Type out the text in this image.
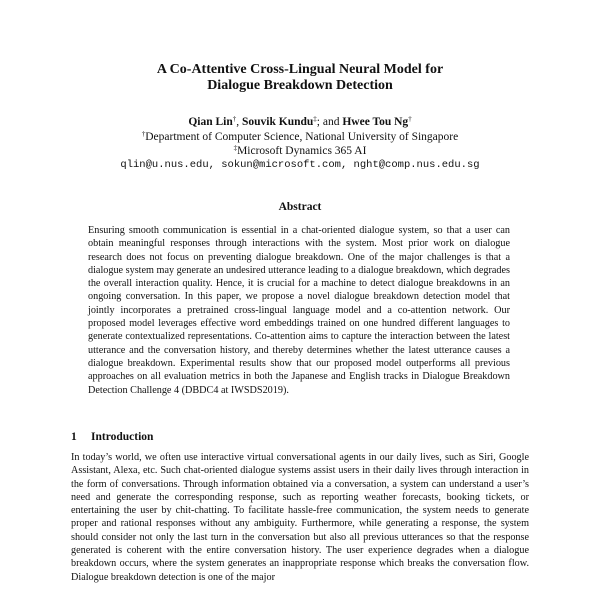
A Co-Attentive Cross-Lingual Neural Model for
Dialogue Breakdown Detection
Qian Lin†, Souvik Kundu‡; and Hwee Tou Ng†
†Department of Computer Science, National University of Singapore
‡Microsoft Dynamics 365 AI
qlin@u.nus.edu, sokun@microsoft.com, nght@comp.nus.edu.sg
Abstract
Ensuring smooth communication is essential in a chat-oriented dialogue system, so that a user can obtain meaningful responses through interactions with the system. Most prior work on dialogue research does not focus on preventing dialogue breakdown. One of the major challenges is that a dialogue system may generate an undesired utterance leading to a dialogue breakdown, which degrades the overall interaction quality. Hence, it is crucial for a machine to detect dialogue breakdowns in an ongoing conversation. In this paper, we propose a novel dialogue breakdown detection model that jointly incorporates a pretrained cross-lingual language model and a co-attention network. Our proposed model leverages effective word embeddings trained on one hundred different languages to generate contextualized representations. Co-attention aims to capture the interaction between the latest utterance and the conversation history, and thereby determines whether the latest utterance causes a dialogue breakdown. Experimental results show that our proposed model outperforms all previous approaches on all evaluation metrics in both the Japanese and English tracks in Dialogue Breakdown Detection Challenge 4 (DBDC4 at IWSDS2019).
1 Introduction
In today’s world, we often use interactive virtual conversational agents in our daily lives, such as Siri, Google Assistant, Alexa, etc. Such chat-oriented dialogue systems assist users in their daily lives through interaction in the form of conversations. Through information obtained via a conversation, a system can understand a user’s need and generate the corresponding response, such as reporting weather forecasts, booking tickets, or entertaining the user by chit-chatting. To facilitate hassle-free communication, the system needs to generate proper and rational responses without any ambiguity. Furthermore, while generating a response, the system should consider not only the last turn in the conversation but also all previous utterances so that the response generated is coherent with the entire conversation history. The user experience degrades when a dialogue breakdown occurs, where the system generates an inappropriate response which breaks the conversation flow. Dialogue breakdown detection is one of the major
